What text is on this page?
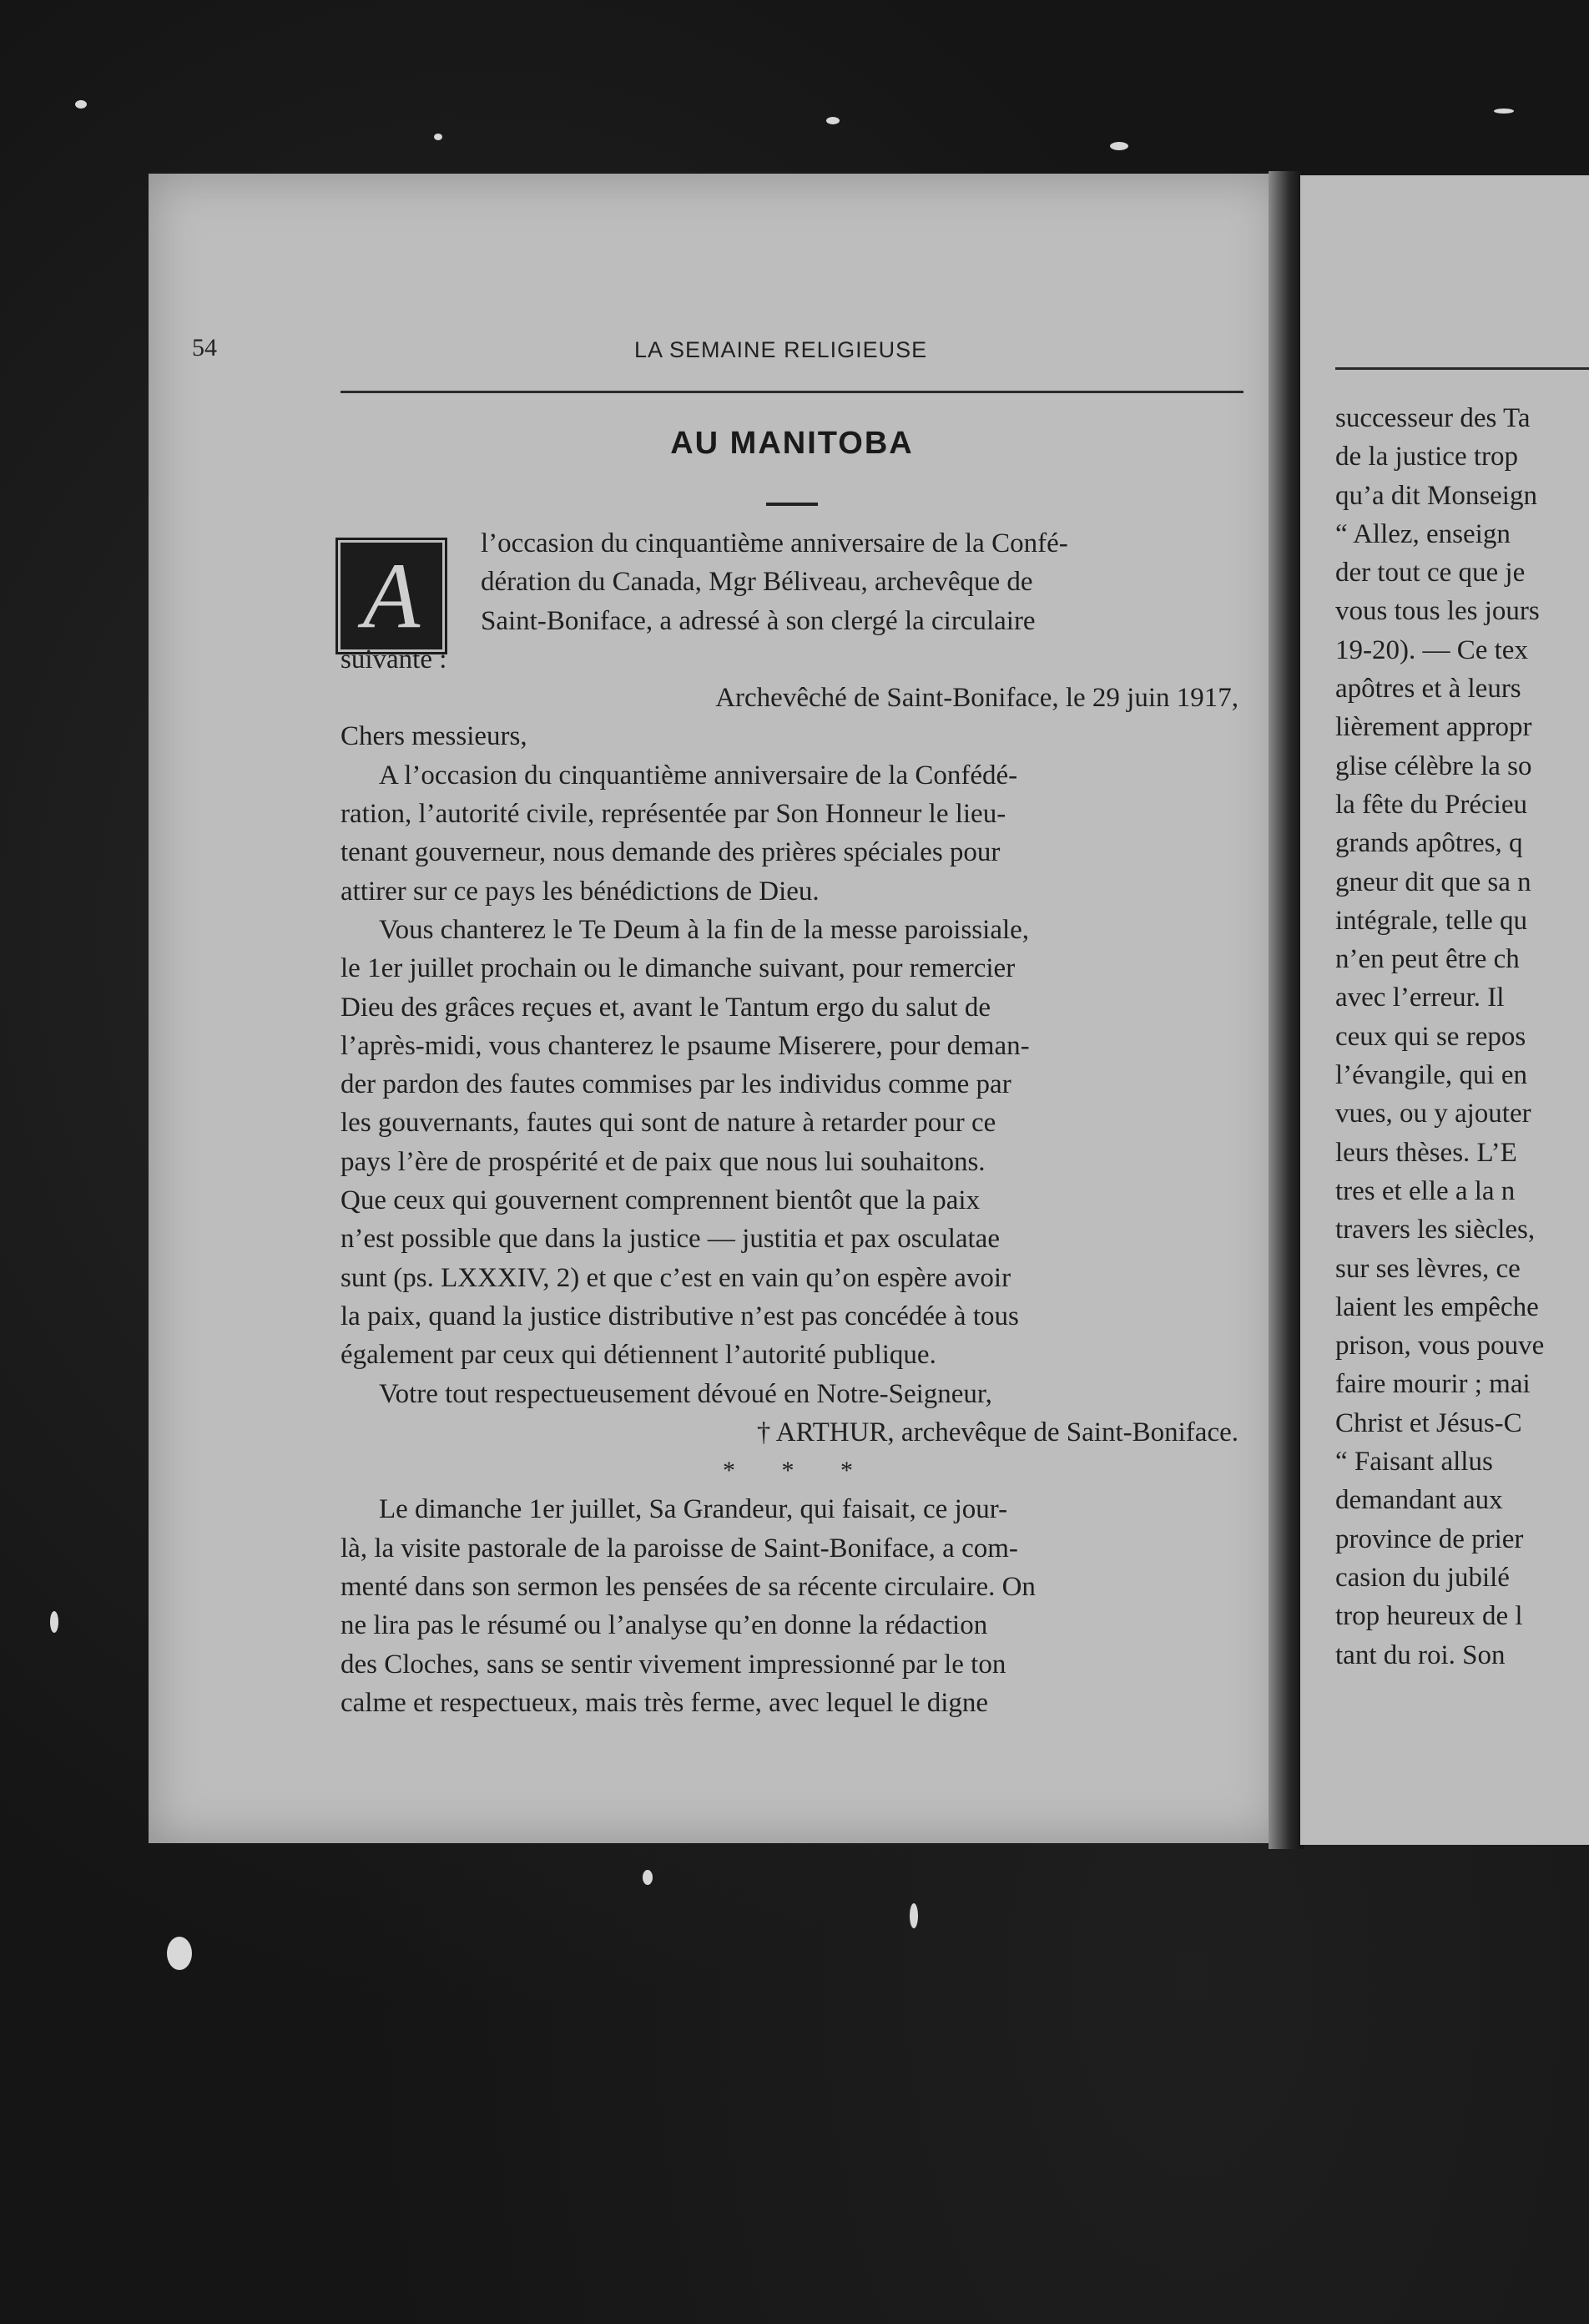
54	LA SEMAINE RELIGIEUSE
AU MANITOBA
A
l’occasion du cinquantième anniversaire de la Confé-
dération du Canada, Mgr Béliveau, archevêque de
Saint-Boniface, a adressé à son clergé la circulaire
suivante :
Archevêché de Saint-Boniface, le 29 juin 1917,
Chers messieurs,
A l’occasion du cinquantième anniversaire de la Confédé-
ration, l’autorité civile, représentée par Son Honneur le lieu-
tenant gouverneur, nous demande des prières spéciales pour
attirer sur ce pays les bénédictions de Dieu.
Vous chanterez le Te Deum à la fin de la messe paroissiale,
le 1er juillet prochain ou le dimanche suivant, pour remercier
Dieu des grâces reçues et, avant le Tantum ergo du salut de
l’après-midi, vous chanterez le psaume Miserere, pour deman-
der pardon des fautes commises par les individus comme par
les gouvernants, fautes qui sont de nature à retarder pour ce
pays l’ère de prospérité et de paix que nous lui souhaitons.
Que ceux qui gouvernent comprennent bientôt que la paix
n’est possible que dans la justice — justitia et pax osculatae
sunt (ps. LXXXIV, 2) et que c’est en vain qu’on espère avoir
la paix, quand la justice distributive n’est pas concédée à tous
également par ceux qui détiennent l’autorité publique.
Votre tout respectueusement dévoué en Notre-Seigneur,
† ARTHUR, archevêque de Saint-Boniface.
* * *
Le dimanche 1er juillet, Sa Grandeur, qui faisait, ce jour-
là, la visite pastorale de la paroisse de Saint-Boniface, a com-
menté dans son sermon les pensées de sa récente circulaire. On
ne lira pas le résumé ou l’analyse qu’en donne la rédaction
des Cloches, sans se sentir vivement impressionné par le ton
calme et respectueux, mais très ferme, avec lequel le digne
successeur des Ta
de la justice trop
qu’a dit Monseign
“ Allez, enseign
der tout ce que je
vous tous les jours
19-20). — Ce tex
apôtres et à leurs
lièrement appropr
glise célèbre la so
la fête du Précieu
grands apôtres, q
gneur dit que sa n
intégrale, telle qu
n’en peut être ch
avec l’erreur. Il
ceux qui se repos
l’évangile, qui en
vues, ou y ajouter
leurs thèses. L’E
tres et elle a la n
travers les siècles,
sur ses lèvres, ce
laient les empêche
prison, vous pouve
faire mourir ; mai
Christ et Jésus-C
“ Faisant allus
demandant aux
province de prier
casion du jubilé
trop heureux de l
tant du roi. Son
